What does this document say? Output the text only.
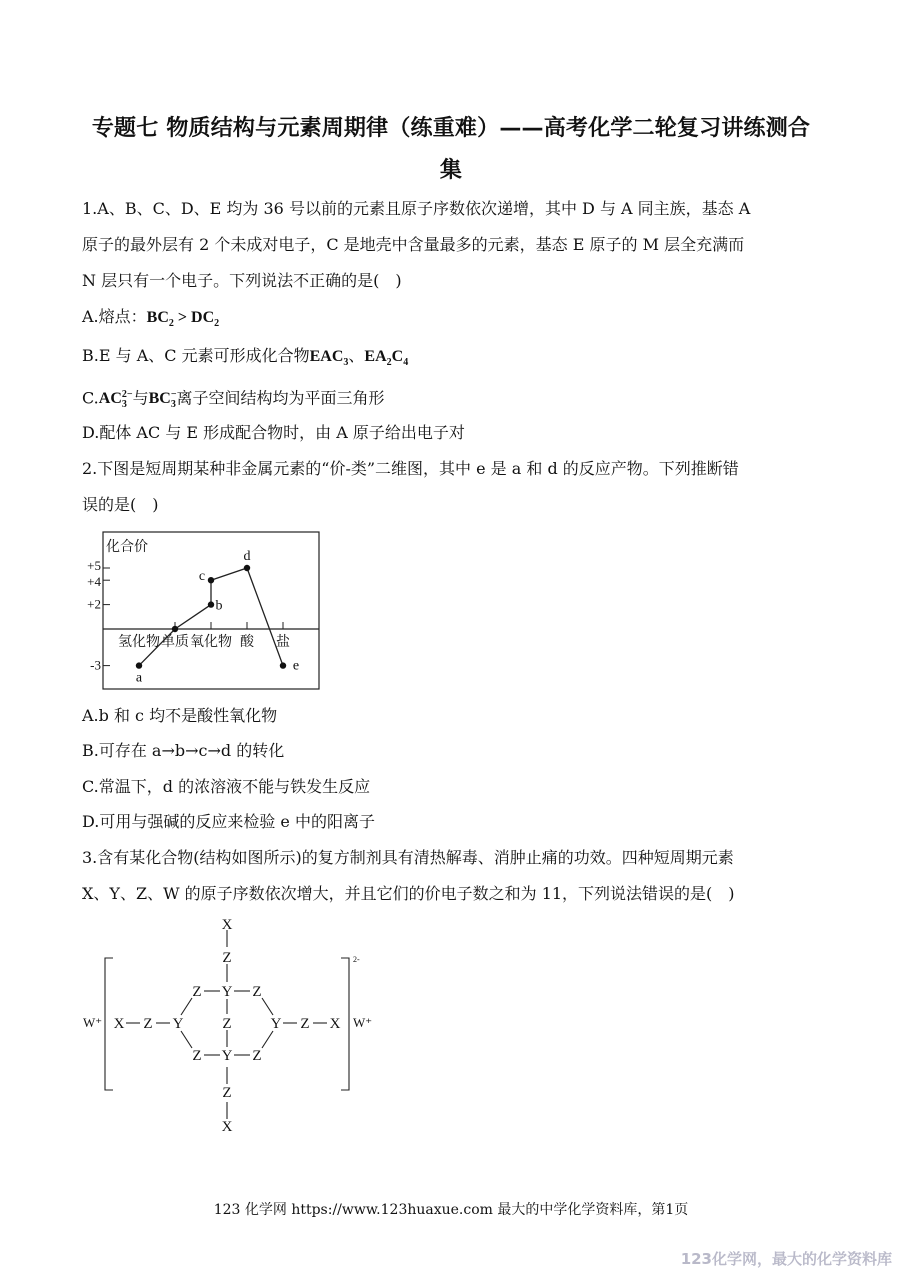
专题七 物质结构与元素周期律（练重难）——高考化学二轮复习讲练测合
集
1.A、B、C、D、E 均为 36 号以前的元素且原子序数依次递增，其中 D 与 A 同主族，基态 A
原子的最外层有 2 个未成对电子，C 是地壳中含量最多的元素，基态 E 原子的 M 层全充满而
N 层只有一个电子。下列说法不正确的是(　)
A.熔点：$BC_2 > DC_2$
B.E 与 A、C 元素可形成化合物$EAC_3$、$EA_2C_4$
$C.AC_3^{2-}$与$BC_3^-$离子空间结构均为平面三角形
D.配体 AC 与 E 形成配合物时，由 A 原子给出电子对
2.下图是短周期某种非金属元素的“价-类”二维图，其中 e 是 a 和 d 的反应产物。下列推断错
误的是(　)
化合价
+5
+4
+2
-3
氢化物 单质 氧化物 酸 盐
a
b
c
d
e
A.b 和 c 均不是酸性氧化物
B.可存在 a→b→c→d 的转化
C.常温下，d 的浓溶液不能与铁发生反应
D.可用与强碱的反应来检验 e 中的阳离子
3.含有某化合物(结构如图所示)的复方制剂具有清热解毒、消肿止痛的功效。四种短周期元素
X、Y、Z、W 的原子序数依次增大，并且它们的价电子数之和为 11，下列说法错误的是(　)
X
Z
Z Y Z
X Z Y	Z	Y Z X
Z Y Z
Z
X
W⁺	W⁺
2-
123 化学网 https://www.123huaxue.com 最大的中学化学资料库，第1页
123化学网，最大的化学资料库
